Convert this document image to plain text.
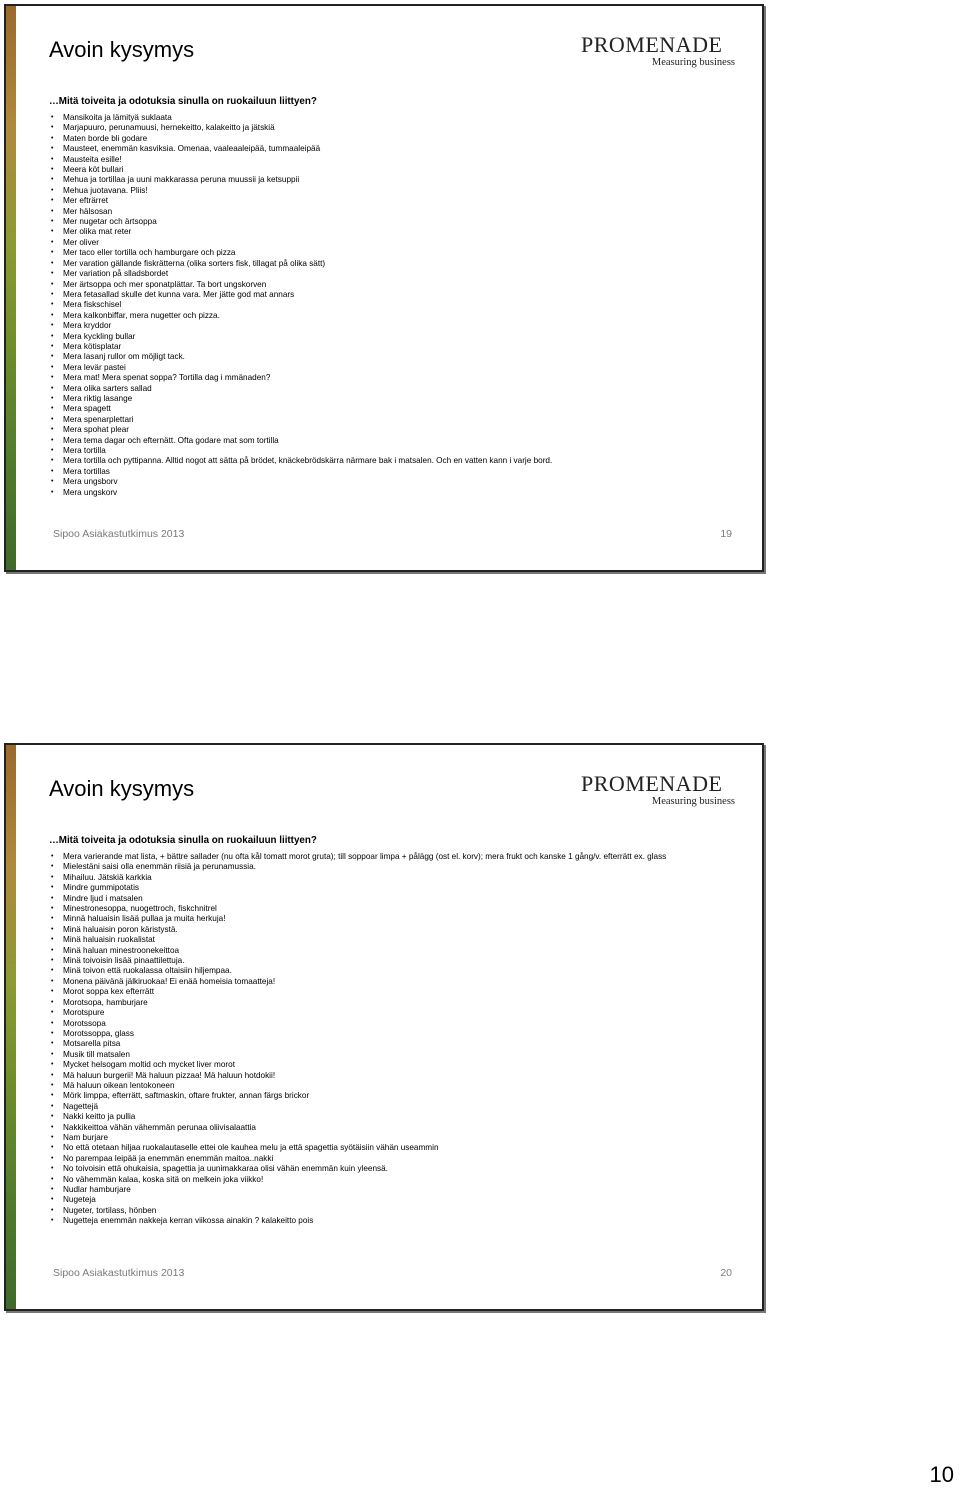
Avoin kysymys	PROMENADE
Measuring business
…Mitä toiveita ja odotuksia sinulla on ruokailuun liittyen?
• Mansikoita ja lämityä suklaata
• Marjapuuro, perunamuusi, hernekeitto, kalakeitto ja jätskiä
• Maten borde bli godare
• Mausteet, enemmän kasviksia. Omenaa, vaaleaaleipää, tummaaleipää
• Mausteita esille!
• Meera köt bullari
• Mehua ja tortillaa ja uuni makkarassa peruna muussii ja ketsuppii
• Mehua juotavana. Pliis!
• Mer efträrret
• Mer hälsosan
• Mer nugetar och ärtsoppa
• Mer olika mat reter
• Mer oliver
• Mer taco eller tortilla och hamburgare och pizza
• Mer varation gällande fiskrätterna (olika sorters fisk, tillagat på olika sätt)
• Mer variation på slladsbordet
• Mer ärtsoppa och mer sponatplättar. Ta bort ungskorven
• Mera fetasallad skulle det kunna vara. Mer jätte god mat annars
• Mera fiskschisel
• Mera kalkonbiffar, mera nugetter och pizza.
• Mera kryddor
• Mera kyckling bullar
• Mera kötisplatar
• Mera lasanj rullor om möjligt tack.
• Mera levär pastei
• Mera mat! Mera spenat soppa? Tortilla dag i mmänaden?
• Mera olika sarters sallad
• Mera riktig lasange
• Mera spagett
• Mera spenarplettari
• Mera spohat plear
• Mera tema dagar och efternätt. Ofta godare mat som tortilla
• Mera tortilla
• Mera tortilla och pyttipanna. Alltid nogot att sätta på brödet, knäckebrödskärra närmare bak i matsalen. Och en vatten kann i varje bord.
• Mera tortillas
• Mera ungsborv
• Mera ungskorv
Sipoo Asiakastutkimus 2013	19
Avoin kysymys	PROMENADE
Measuring business
…Mitä toiveita ja odotuksia sinulla on ruokailuun liittyen?
• Mera varierande mat lista, + bättre sallader (nu ofta kål tomatt morot gruta); till soppoar limpa + pålägg (ost el. korv); mera frukt och kanske 1 gång/v. efterrätt ex. glass
• Mielestäni saisi olla enemmän riisiä ja perunamussia.
• Mihailuu. Jätskiä karkkia
• Mindre gummipotatis
• Mindre ljud i matsalen
• Minestronesoppa, nuogettroch, fiskchnitrel
• Minnä haluaisin lisää pullaa ja muita herkuja!
• Minä haluaisin poron käristystä.
• Minä haluaisin ruokalistat
• Minä haluan minestroonekeittoa
• Minä toivoisin lisää pinaattilettuja.
• Minä toivon että ruokalassa oltaisiin hiljempaa.
• Monena päivänä jälkiruokaa! Ei enää homeisia tomaatteja!
• Morot soppa kex efterrätt
• Morotsopa, hamburjare
• Morotspure
• Morotssopa
• Morotssoppa, glass
• Motsarella pitsa
• Musik till matsalen
• Mycket helsogam moltid och mycket liver morot
• Mä haluun burgerii! Mä haluun pizzaa! Mä haluun hotdokii!
• Mä haluun oikean lentokoneen
• Mörk limppa, efterrätt, saftmaskin, oftare frukter, annan färgs brickor
• Nagettejä
• Nakki keitto ja pullia
• Nakkikeittoa vähän vähemmän perunaa oliivisalaattia
• Nam burjare
• No että otetaan hiljaa ruokalautaselle ettei ole kauhea melu ja että spagettia syötäisiin vähän useammin
• No parempaa leipää ja enemmän enemmän maitoa..nakki
• No toivoisin että ohukaisia, spagettia ja uunimakkaraa olisi vähän enemmän kuin yleensä.
• No vähemmän kalaa, koska sitä on melkein joka viikko!
• Nudlar hamburjare
• Nugeteja
• Nugeter, tortilass, hönben
• Nugetteja enemmän nakkeja kerran viikossa ainakin ? kalakeitto pois
Sipoo Asiakastutkimus 2013	20
10
